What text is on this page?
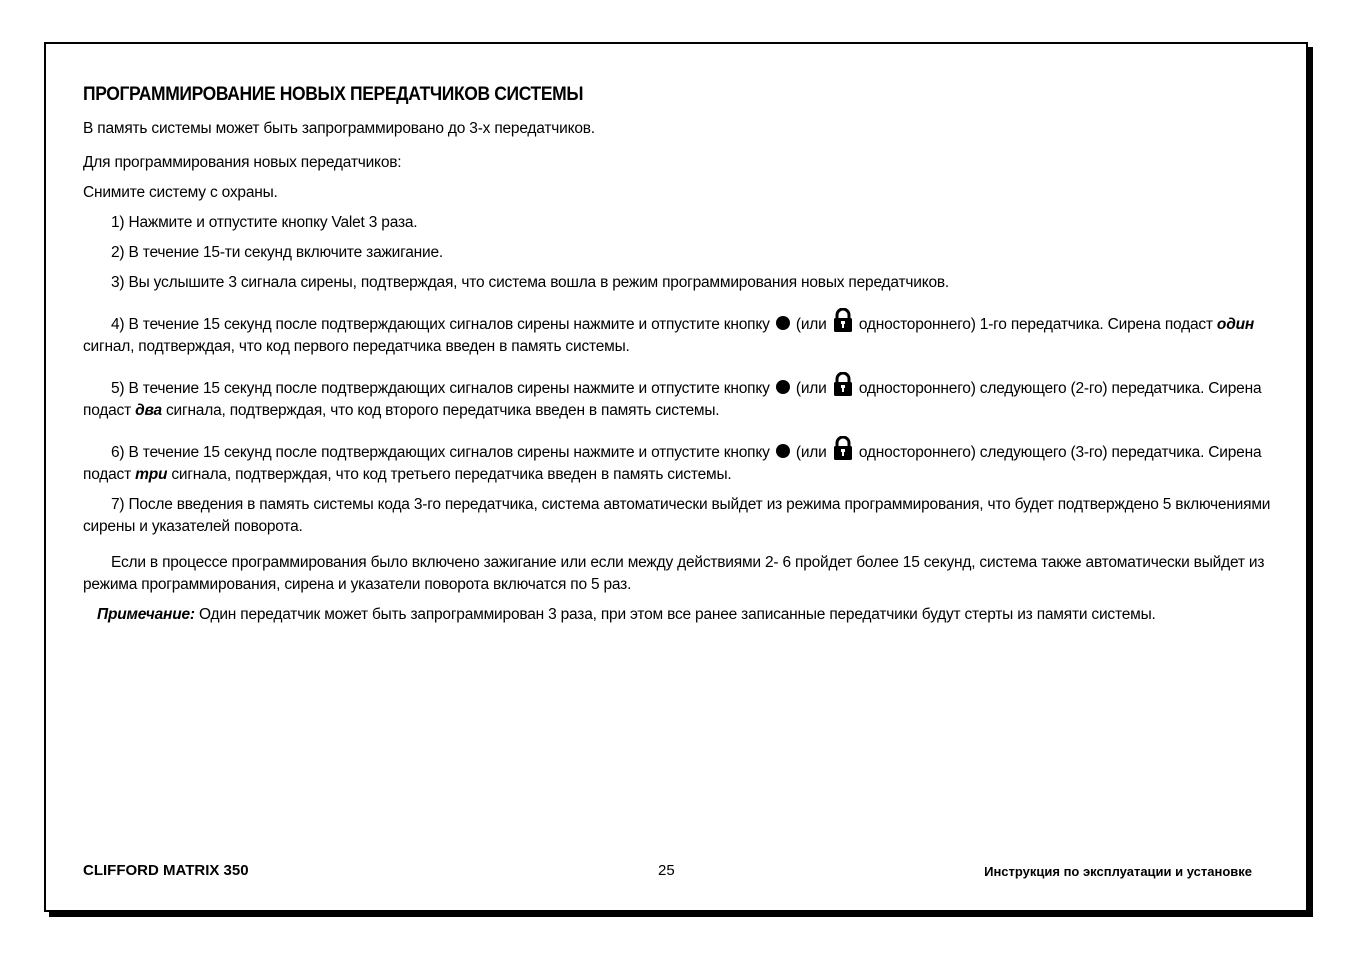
ПРОГРАММИРОВАНИЕ НОВЫХ ПЕРЕДАТЧИКОВ СИСТЕМЫ

В память системы может быть запрограммировано до 3-х передатчиков.

Для программирования новых передатчиков:

Снимите систему с охраны.

1) Нажмите и отпустите кнопку Valet 3 раза.

2) В течение 15-ти секунд включите зажигание.

3) Вы услышите 3 сигнала сирены, подтверждая, что система вошла в режим программирования новых передатчиков.

4) В течение 15 секунд после подтверждающих сигналов сирены нажмите и отпустите кнопку (или одностороннего) 1-го передатчика. Сирена подаст один сигнал, подтверждая, что код первого передатчика введен в память системы.

5) В течение 15 секунд после подтверждающих сигналов сирены нажмите и отпустите кнопку (или одностороннего) следующего (2-го) передатчика. Сирена подаст два сигнала, подтверждая, что код второго передатчика введен в память системы.

6) В течение 15 секунд после подтверждающих сигналов сирены нажмите и отпустите кнопку (или одностороннего) следующего (3-го) передатчика. Сирена подаст три сигнала, подтверждая, что код третьего передатчика введен в память системы.

7) После введения в память системы кода 3-го передатчика, система автоматически выйдет из режима программирования, что будет подтверждено 5 включениями сирены и указателей поворота.

Если в процессе программирования было включено зажигание или если между действиями 2- 6 пройдет более 15 секунд, система также автоматически выйдет из режима программирования, сирена и указатели поворота включатся по 5 раз.

Примечание: Один передатчик может быть запрограммирован 3 раза, при этом все ранее записанные передатчики будут стерты из памяти системы.

CLIFFORD MATRIX 350	25	Инструкция по эксплуатации и установке
